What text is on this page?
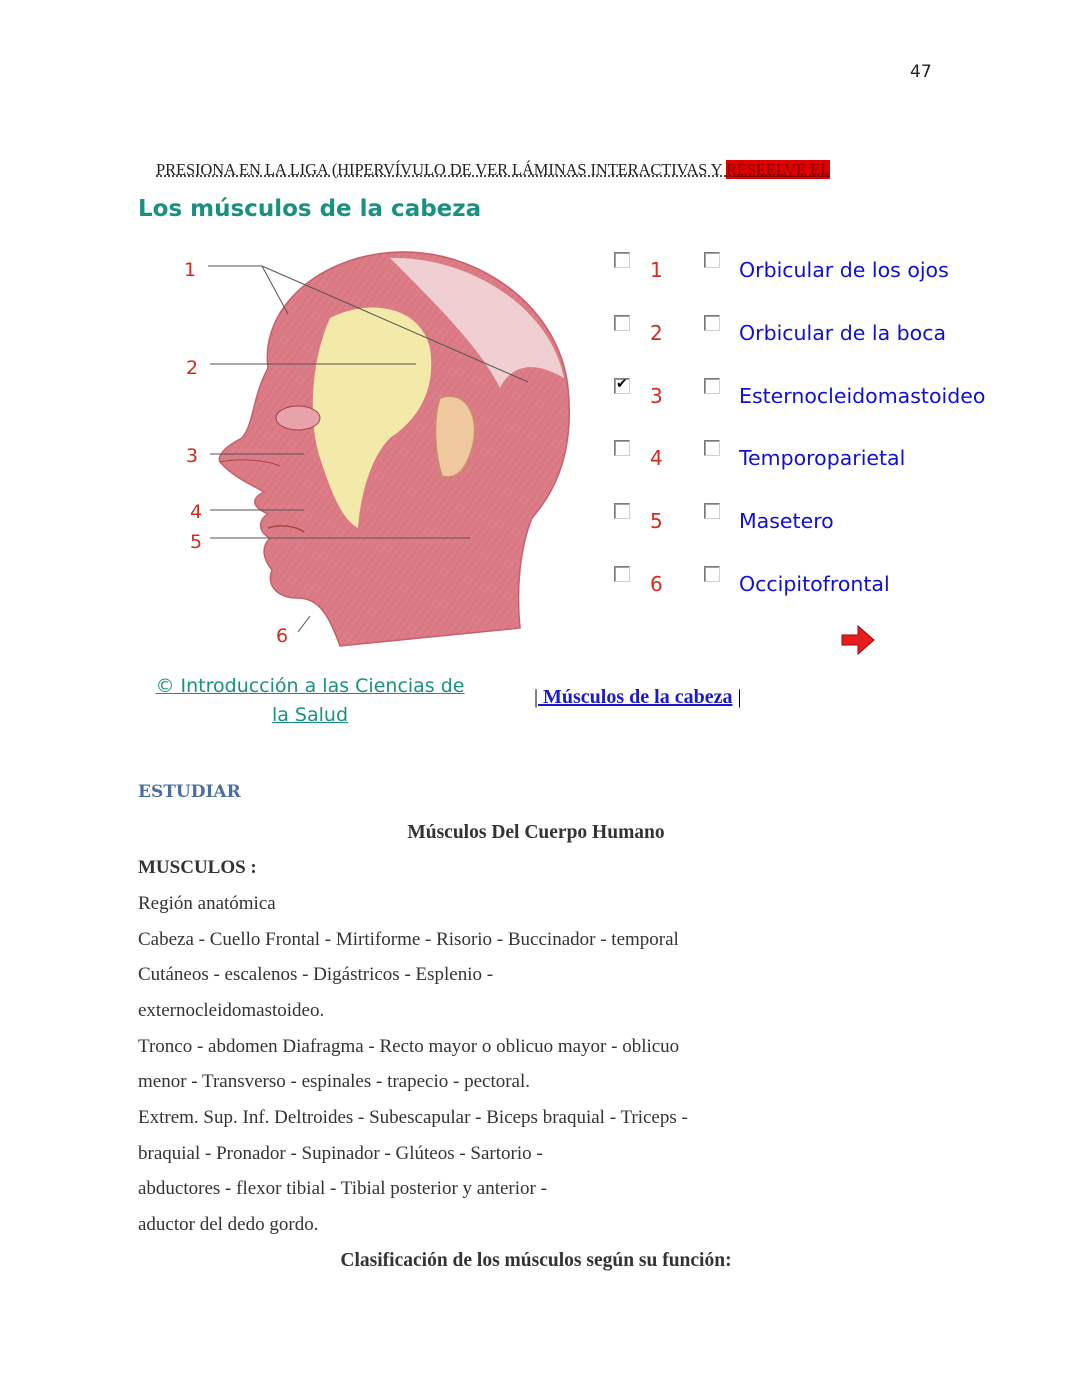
47
PRESIONA EN LA LIGA (HIPERVÍVULO DE VER LÁMINAS INTERACTIVAS Y RESEELVE EL
Los músculos de la cabeza
1
2
3
4
5
6
1	Orbicular de los ojos
2	Orbicular de la boca
✔ 3	Esternocleidomastoideo
4	Temporoparietal
5	Masetero
6	Occipitofrontal
© Introducción a las Ciencias de
la Salud
| Músculos de la cabeza |
ESTUDIAR
Músculos Del Cuerpo Humano
MUSCULOS :
Región anatómica
Cabeza - Cuello Frontal - Mirtiforme - Risorio - Buccinador - temporal
Cutáneos - escalenos - Digástricos - Esplenio -
externocleidomastoideo.
Tronco - abdomen Diafragma - Recto mayor o oblicuo mayor - oblicuo
menor - Transverso - espinales - trapecio - pectoral.
Extrem. Sup. Inf. Deltroides - Subescapular - Biceps braquial - Triceps -
braquial - Pronador - Supinador - Glúteos - Sartorio -
abductores - flexor tibial - Tibial posterior y anterior -
aductor del dedo gordo.
Clasificación de los músculos según su función:
